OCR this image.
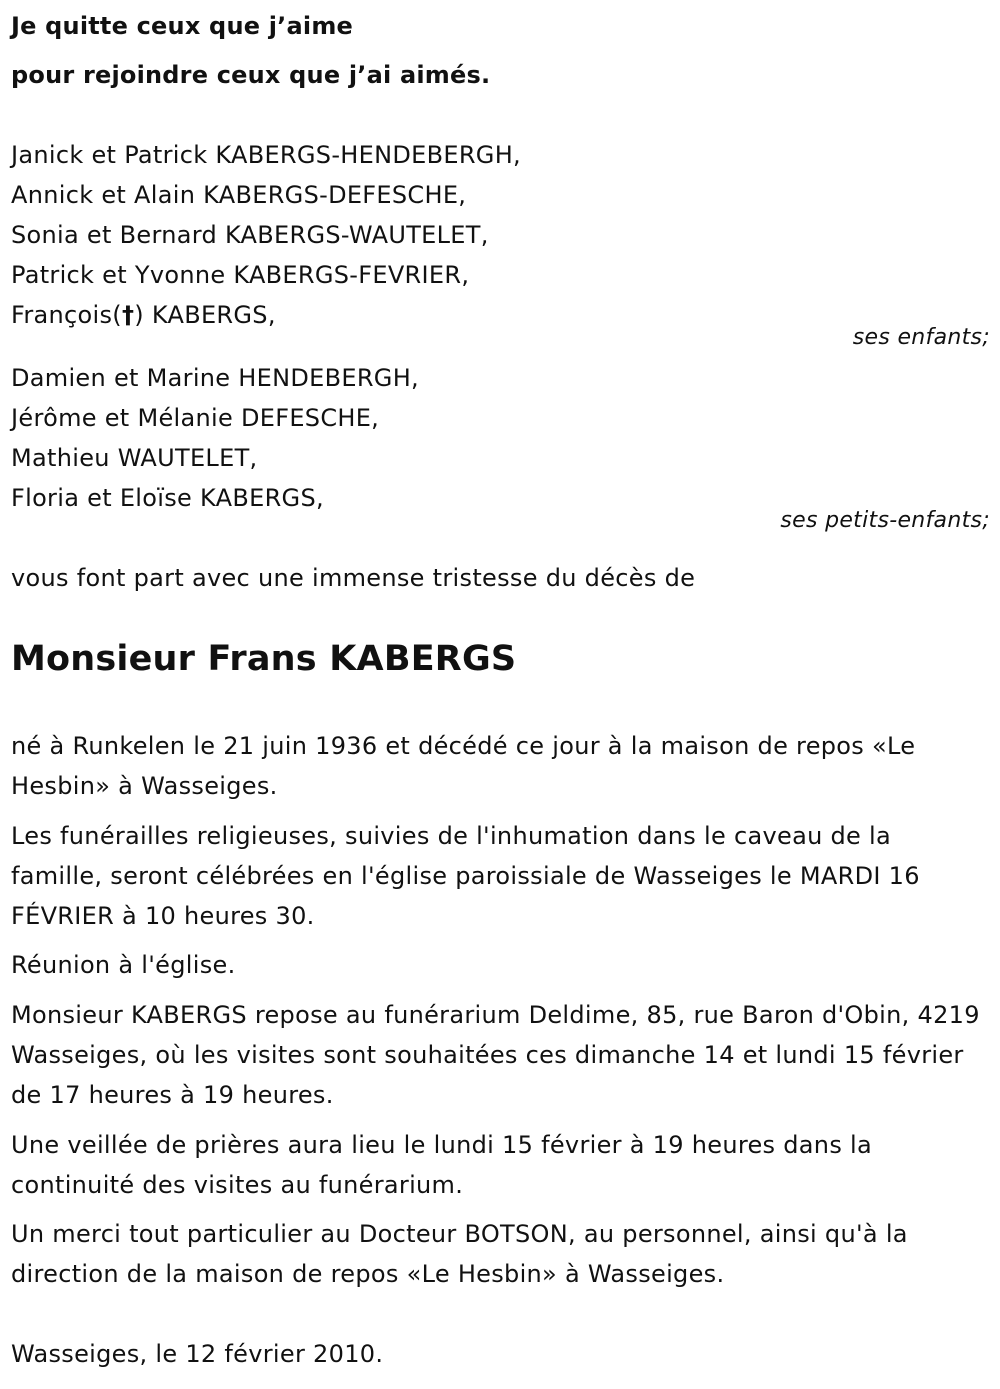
Je quitte ceux que j’aime
pour rejoindre ceux que j’ai aimés.
Janick et Patrick KABERGS-HENDEBERGH,
Annick et Alain KABERGS-DEFESCHE,
Sonia et Bernard KABERGS-WAUTELET,
Patrick et Yvonne KABERGS-FEVRIER,
François(†) KABERGS,
ses enfants;
Damien et Marine HENDEBERGH,
Jérôme et Mélanie DEFESCHE,
Mathieu WAUTELET,
Floria et Eloïse KABERGS,
ses petits-enfants;
vous font part avec une immense tristesse du décès de
Monsieur Frans KABERGS
né à Runkelen le 21 juin 1936 et décédé ce jour à la maison de repos «Le Hesbin» à Wasseiges.
Les funérailles religieuses, suivies de l'inhumation dans le caveau de la famille, seront célébrées en l'église paroissiale de Wasseiges le MARDI 16 FÉVRIER à 10 heures 30.
Réunion à l'église.
Monsieur KABERGS repose au funérarium Deldime, 85, rue Baron d'Obin, 4219 Wasseiges, où les visites sont souhaitées ces dimanche 14 et lundi 15 février de 17 heures à 19 heures.
Une veillée de prières aura lieu le lundi 15 février à 19 heures dans la continuité des visites au funérarium.
Un merci tout particulier au Docteur BOTSON, au personnel, ainsi qu'à la direction de la maison de repos «Le Hesbin» à Wasseiges.
Wasseiges, le 12 février 2010.
